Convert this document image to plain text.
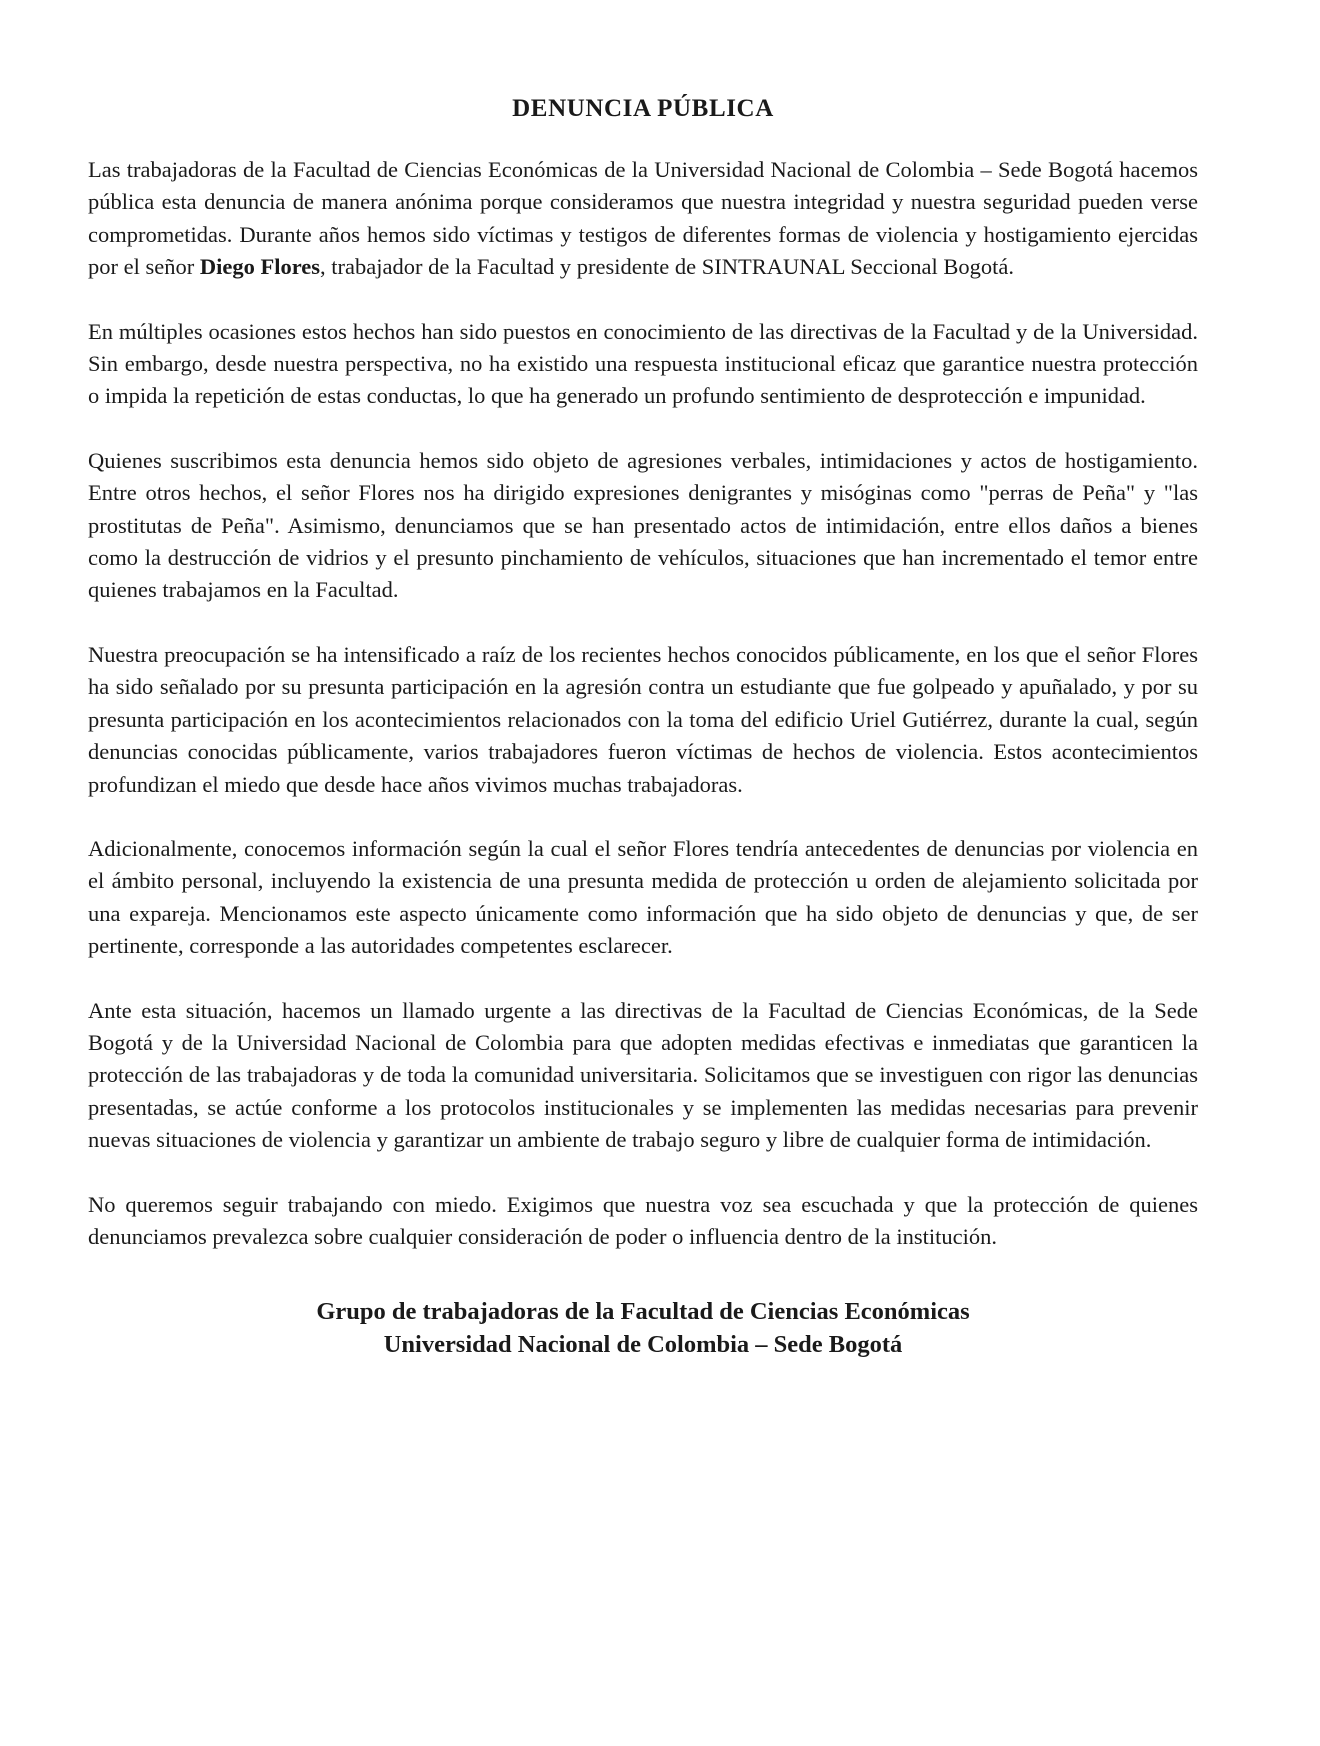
DENUNCIA PÚBLICA

Las trabajadoras de la Facultad de Ciencias Económicas de la Universidad Nacional de Colombia – Sede Bogotá hacemos pública esta denuncia de manera anónima porque consideramos que nuestra integridad y nuestra seguridad pueden verse comprometidas. Durante años hemos sido víctimas y testigos de diferentes formas de violencia y hostigamiento ejercidas por el señor Diego Flores, trabajador de la Facultad y presidente de SINTRAUNAL Seccional Bogotá.

En múltiples ocasiones estos hechos han sido puestos en conocimiento de las directivas de la Facultad y de la Universidad. Sin embargo, desde nuestra perspectiva, no ha existido una respuesta institucional eficaz que garantice nuestra protección o impida la repetición de estas conductas, lo que ha generado un profundo sentimiento de desprotección e impunidad.

Quienes suscribimos esta denuncia hemos sido objeto de agresiones verbales, intimidaciones y actos de hostigamiento. Entre otros hechos, el señor Flores nos ha dirigido expresiones denigrantes y misóginas como "perras de Peña" y "las prostitutas de Peña". Asimismo, denunciamos que se han presentado actos de intimidación, entre ellos daños a bienes como la destrucción de vidrios y el presunto pinchamiento de vehículos, situaciones que han incrementado el temor entre quienes trabajamos en la Facultad.

Nuestra preocupación se ha intensificado a raíz de los recientes hechos conocidos públicamente, en los que el señor Flores ha sido señalado por su presunta participación en la agresión contra un estudiante que fue golpeado y apuñalado, y por su presunta participación en los acontecimientos relacionados con la toma del edificio Uriel Gutiérrez, durante la cual, según denuncias conocidas públicamente, varios trabajadores fueron víctimas de hechos de violencia. Estos acontecimientos profundizan el miedo que desde hace años vivimos muchas trabajadoras.

Adicionalmente, conocemos información según la cual el señor Flores tendría antecedentes de denuncias por violencia en el ámbito personal, incluyendo la existencia de una presunta medida de protección u orden de alejamiento solicitada por una expareja. Mencionamos este aspecto únicamente como información que ha sido objeto de denuncias y que, de ser pertinente, corresponde a las autoridades competentes esclarecer.

Ante esta situación, hacemos un llamado urgente a las directivas de la Facultad de Ciencias Económicas, de la Sede Bogotá y de la Universidad Nacional de Colombia para que adopten medidas efectivas e inmediatas que garanticen la protección de las trabajadoras y de toda la comunidad universitaria. Solicitamos que se investiguen con rigor las denuncias presentadas, se actúe conforme a los protocolos institucionales y se implementen las medidas necesarias para prevenir nuevas situaciones de violencia y garantizar un ambiente de trabajo seguro y libre de cualquier forma de intimidación.

No queremos seguir trabajando con miedo. Exigimos que nuestra voz sea escuchada y que la protección de quienes denunciamos prevalezca sobre cualquier consideración de poder o influencia dentro de la institución.

Grupo de trabajadoras de la Facultad de Ciencias Económicas
Universidad Nacional de Colombia – Sede Bogotá
